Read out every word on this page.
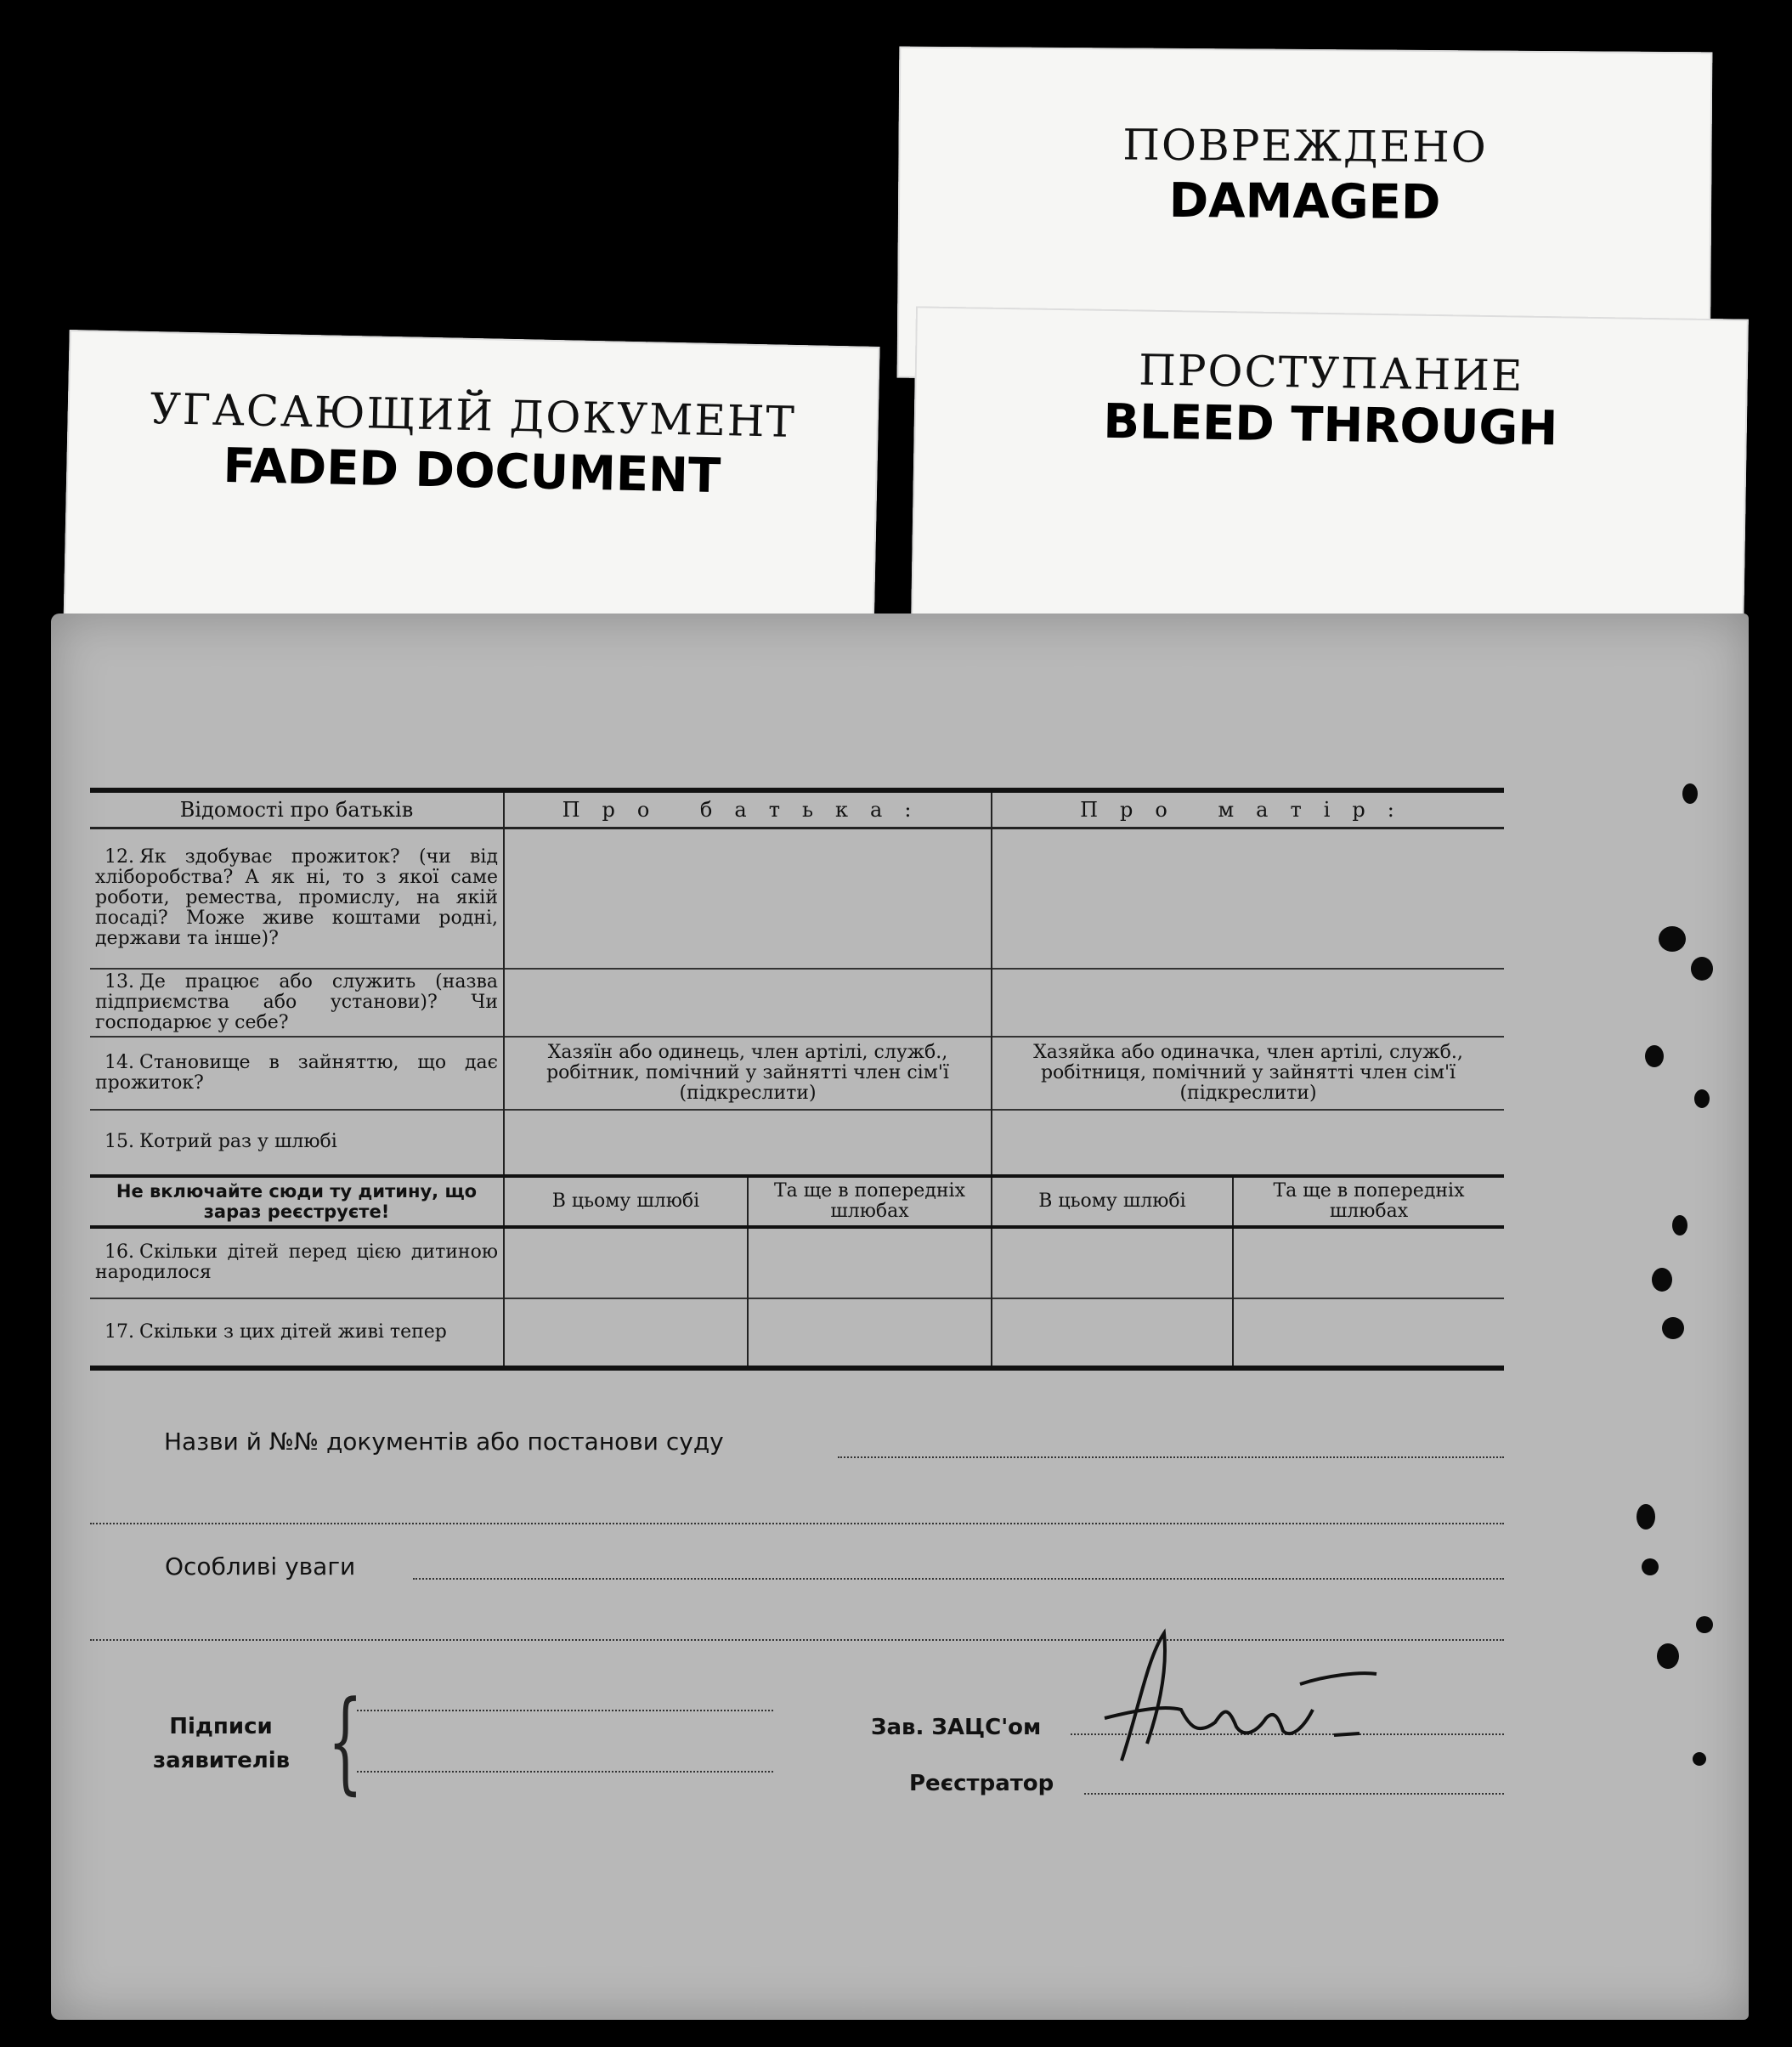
УГАСАЮЩИЙ ДОКУМЕНТ
FADED DOCUMENT
ПОВРЕЖДЕНО
DAMAGED
ПРОСТУПАНИЕ
BLEED THROUGH
Відомості про батьків	Про батька:		Про матір:	
12. Як здобуває прожиток? (чи від хліборобства? А як ні, то з якої саме роботи, ремества, промислу, на якій посаді? Може живе коштами родні, держави та інше)?				
13. Де працює або служить (назва підприємства або установи)? Чи господарює у себе?				
14. Становище в зайняттю, що дає прожиток?	Хазяїн або одинець, член артілі, служб., робітник, помічний у зайнятті член сім'ї (підкреслити)		Хазяйка або одиначка, член артілі, служб., робітниця, помічний у зайнятті член сім'ї (підкреслити)	
15. Котрий раз у шлюбі				
Не включайте сюди ту дитину, що зараз реєструєте!	В цьому шлюбі	Та ще в попередніх шлюбах	В цьому шлюбі	Та ще в попередніх шлюбах
16. Скільки дітей перед цією дитиною народилося				
17. Скільки з цих дітей живі тепер				
Назви й №№ документів або постанови суду
Особливі уваги
Підписи заявителів {	Зав. ЗАЦС'ом
Реєстратор
